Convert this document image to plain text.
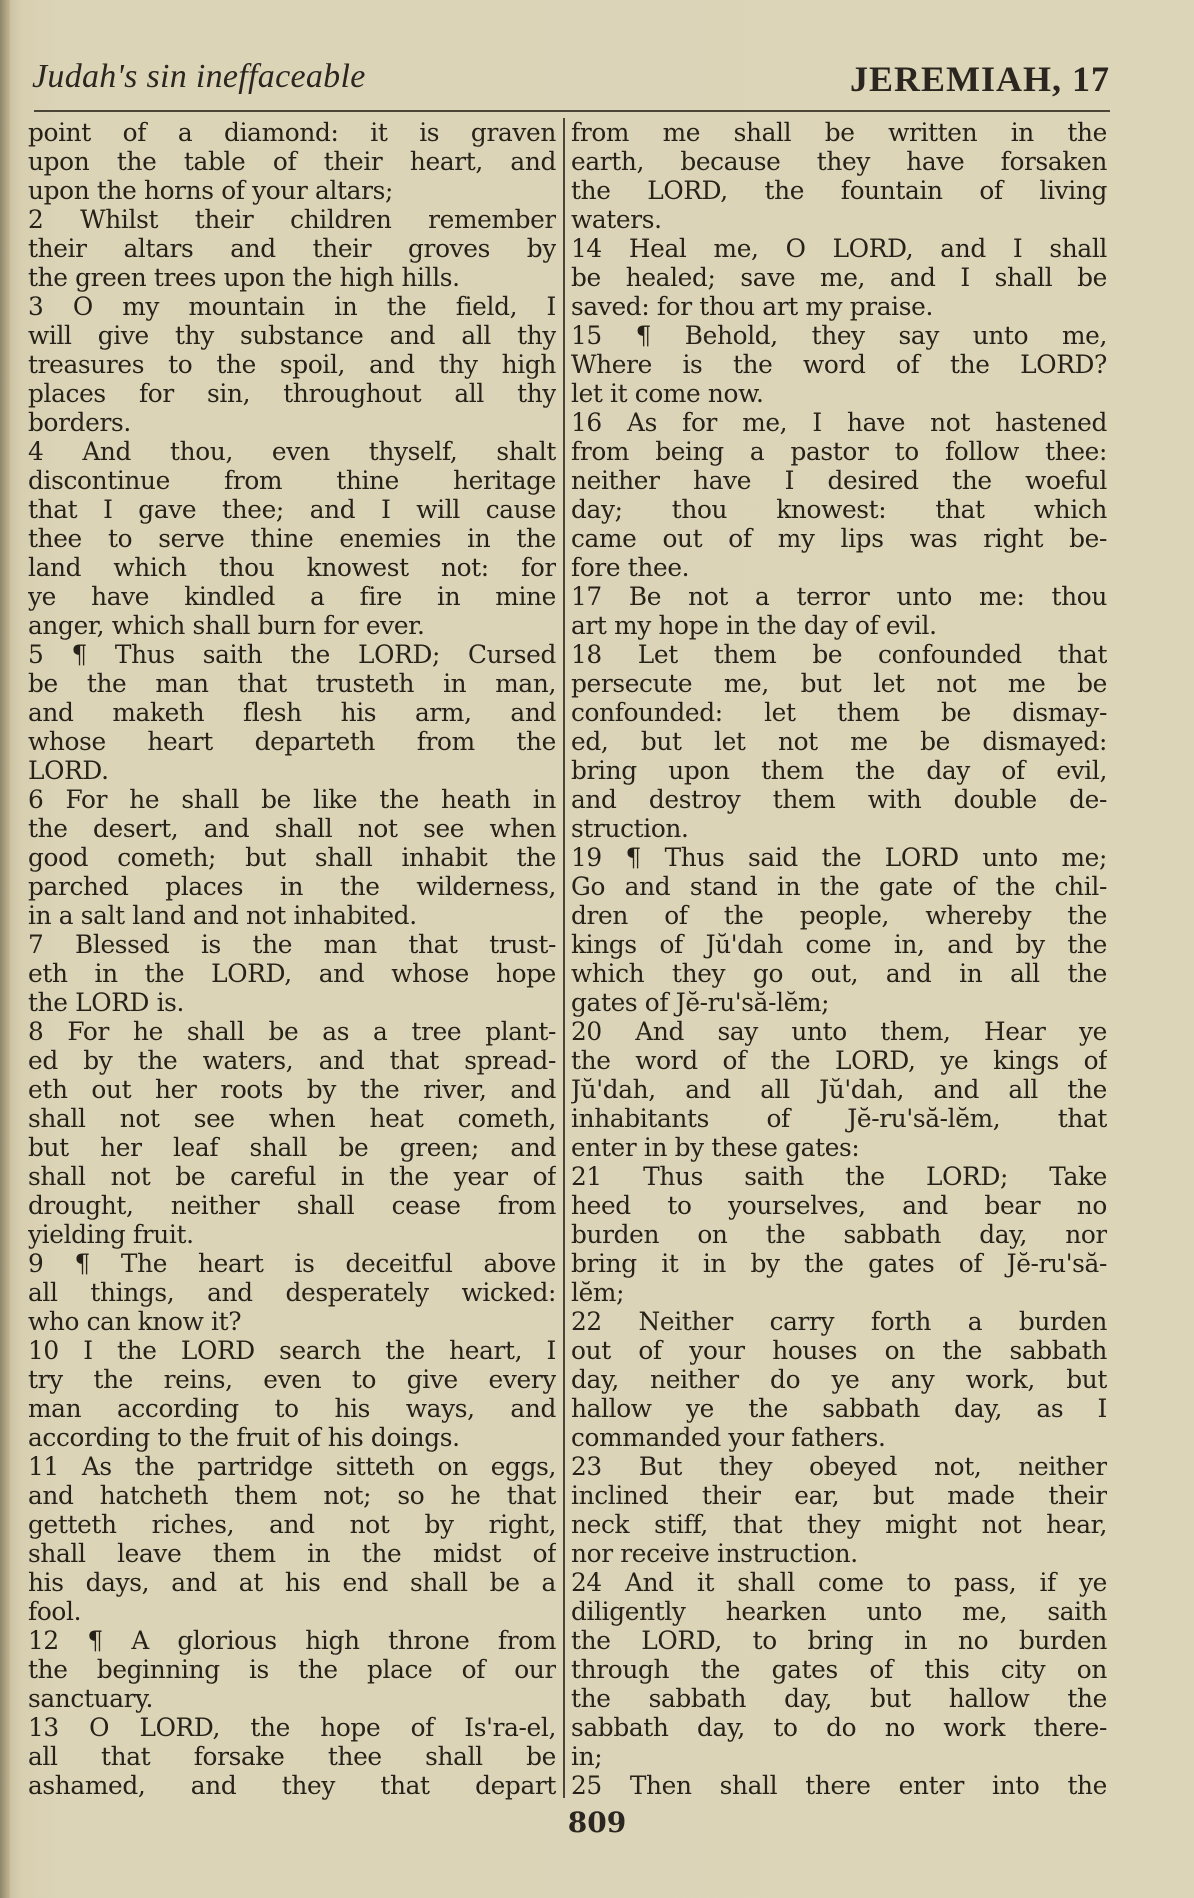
Judah's sin ineffaceable	JEREMIAH, 17
point of a diamond: it is graven
upon the table of their heart, and
upon the horns of your altars;
2 Whilst their children remember
their altars and their groves by
the green trees upon the high hills.
3 O my mountain in the field, I
will give thy substance and all thy
treasures to the spoil, and thy high
places for sin, throughout all thy
borders.
4 And thou, even thyself, shalt
discontinue from thine heritage
that I gave thee; and I will cause
thee to serve thine enemies in the
land which thou knowest not: for
ye have kindled a fire in mine
anger, which shall burn for ever.
5 ¶ Thus saith the LORD; Cursed
be the man that trusteth in man,
and maketh flesh his arm, and
whose heart departeth from the
LORD.
6 For he shall be like the heath in
the desert, and shall not see when
good cometh; but shall inhabit the
parched places in the wilderness,
in a salt land and not inhabited.
7 Blessed is the man that trust-
eth in the LORD, and whose hope
the LORD is.
8 For he shall be as a tree plant-
ed by the waters, and that spread-
eth out her roots by the river, and
shall not see when heat cometh,
but her leaf shall be green; and
shall not be careful in the year of
drought, neither shall cease from
yielding fruit.
9 ¶ The heart is deceitful above
all things, and desperately wicked:
who can know it?
10 I the LORD search the heart, I
try the reins, even to give every
man according to his ways, and
according to the fruit of his doings.
11 As the partridge sitteth on eggs,
and hatcheth them not; so he that
getteth riches, and not by right,
shall leave them in the midst of
his days, and at his end shall be a
fool.
12 ¶ A glorious high throne from
the beginning is the place of our
sanctuary.
13 O LORD, the hope of Is'ra-el,
all that forsake thee shall be
ashamed, and they that depart
from me shall be written in the
earth, because they have forsaken
the LORD, the fountain of living
waters.
14 Heal me, O LORD, and I shall
be healed; save me, and I shall be
saved: for thou art my praise.
15 ¶ Behold, they say unto me,
Where is the word of the LORD?
let it come now.
16 As for me, I have not hastened
from being a pastor to follow thee:
neither have I desired the woeful
day; thou knowest: that which
came out of my lips was right be-
fore thee.
17 Be not a terror unto me: thou
art my hope in the day of evil.
18 Let them be confounded that
persecute me, but let not me be
confounded: let them be dismay-
ed, but let not me be dismayed:
bring upon them the day of evil,
and destroy them with double de-
struction.
19 ¶ Thus said the LORD unto me;
Go and stand in the gate of the chil-
dren of the people, whereby the
kings of Jŭ'dah come in, and by the
which they go out, and in all the
gates of Jĕ-ru'să-lĕm;
20 And say unto them, Hear ye
the word of the LORD, ye kings of
Jŭ'dah, and all Jŭ'dah, and all the
inhabitants of Jĕ-ru'să-lĕm, that
enter in by these gates:
21 Thus saith the LORD; Take
heed to yourselves, and bear no
burden on the sabbath day, nor
bring it in by the gates of Jĕ-ru'să-
lĕm;
22 Neither carry forth a burden
out of your houses on the sabbath
day, neither do ye any work, but
hallow ye the sabbath day, as I
commanded your fathers.
23 But they obeyed not, neither
inclined their ear, but made their
neck stiff, that they might not hear,
nor receive instruction.
24 And it shall come to pass, if ye
diligently hearken unto me, saith
the LORD, to bring in no burden
through the gates of this city on
the sabbath day, but hallow the
sabbath day, to do no work there-
in;
25 Then shall there enter into the
809
